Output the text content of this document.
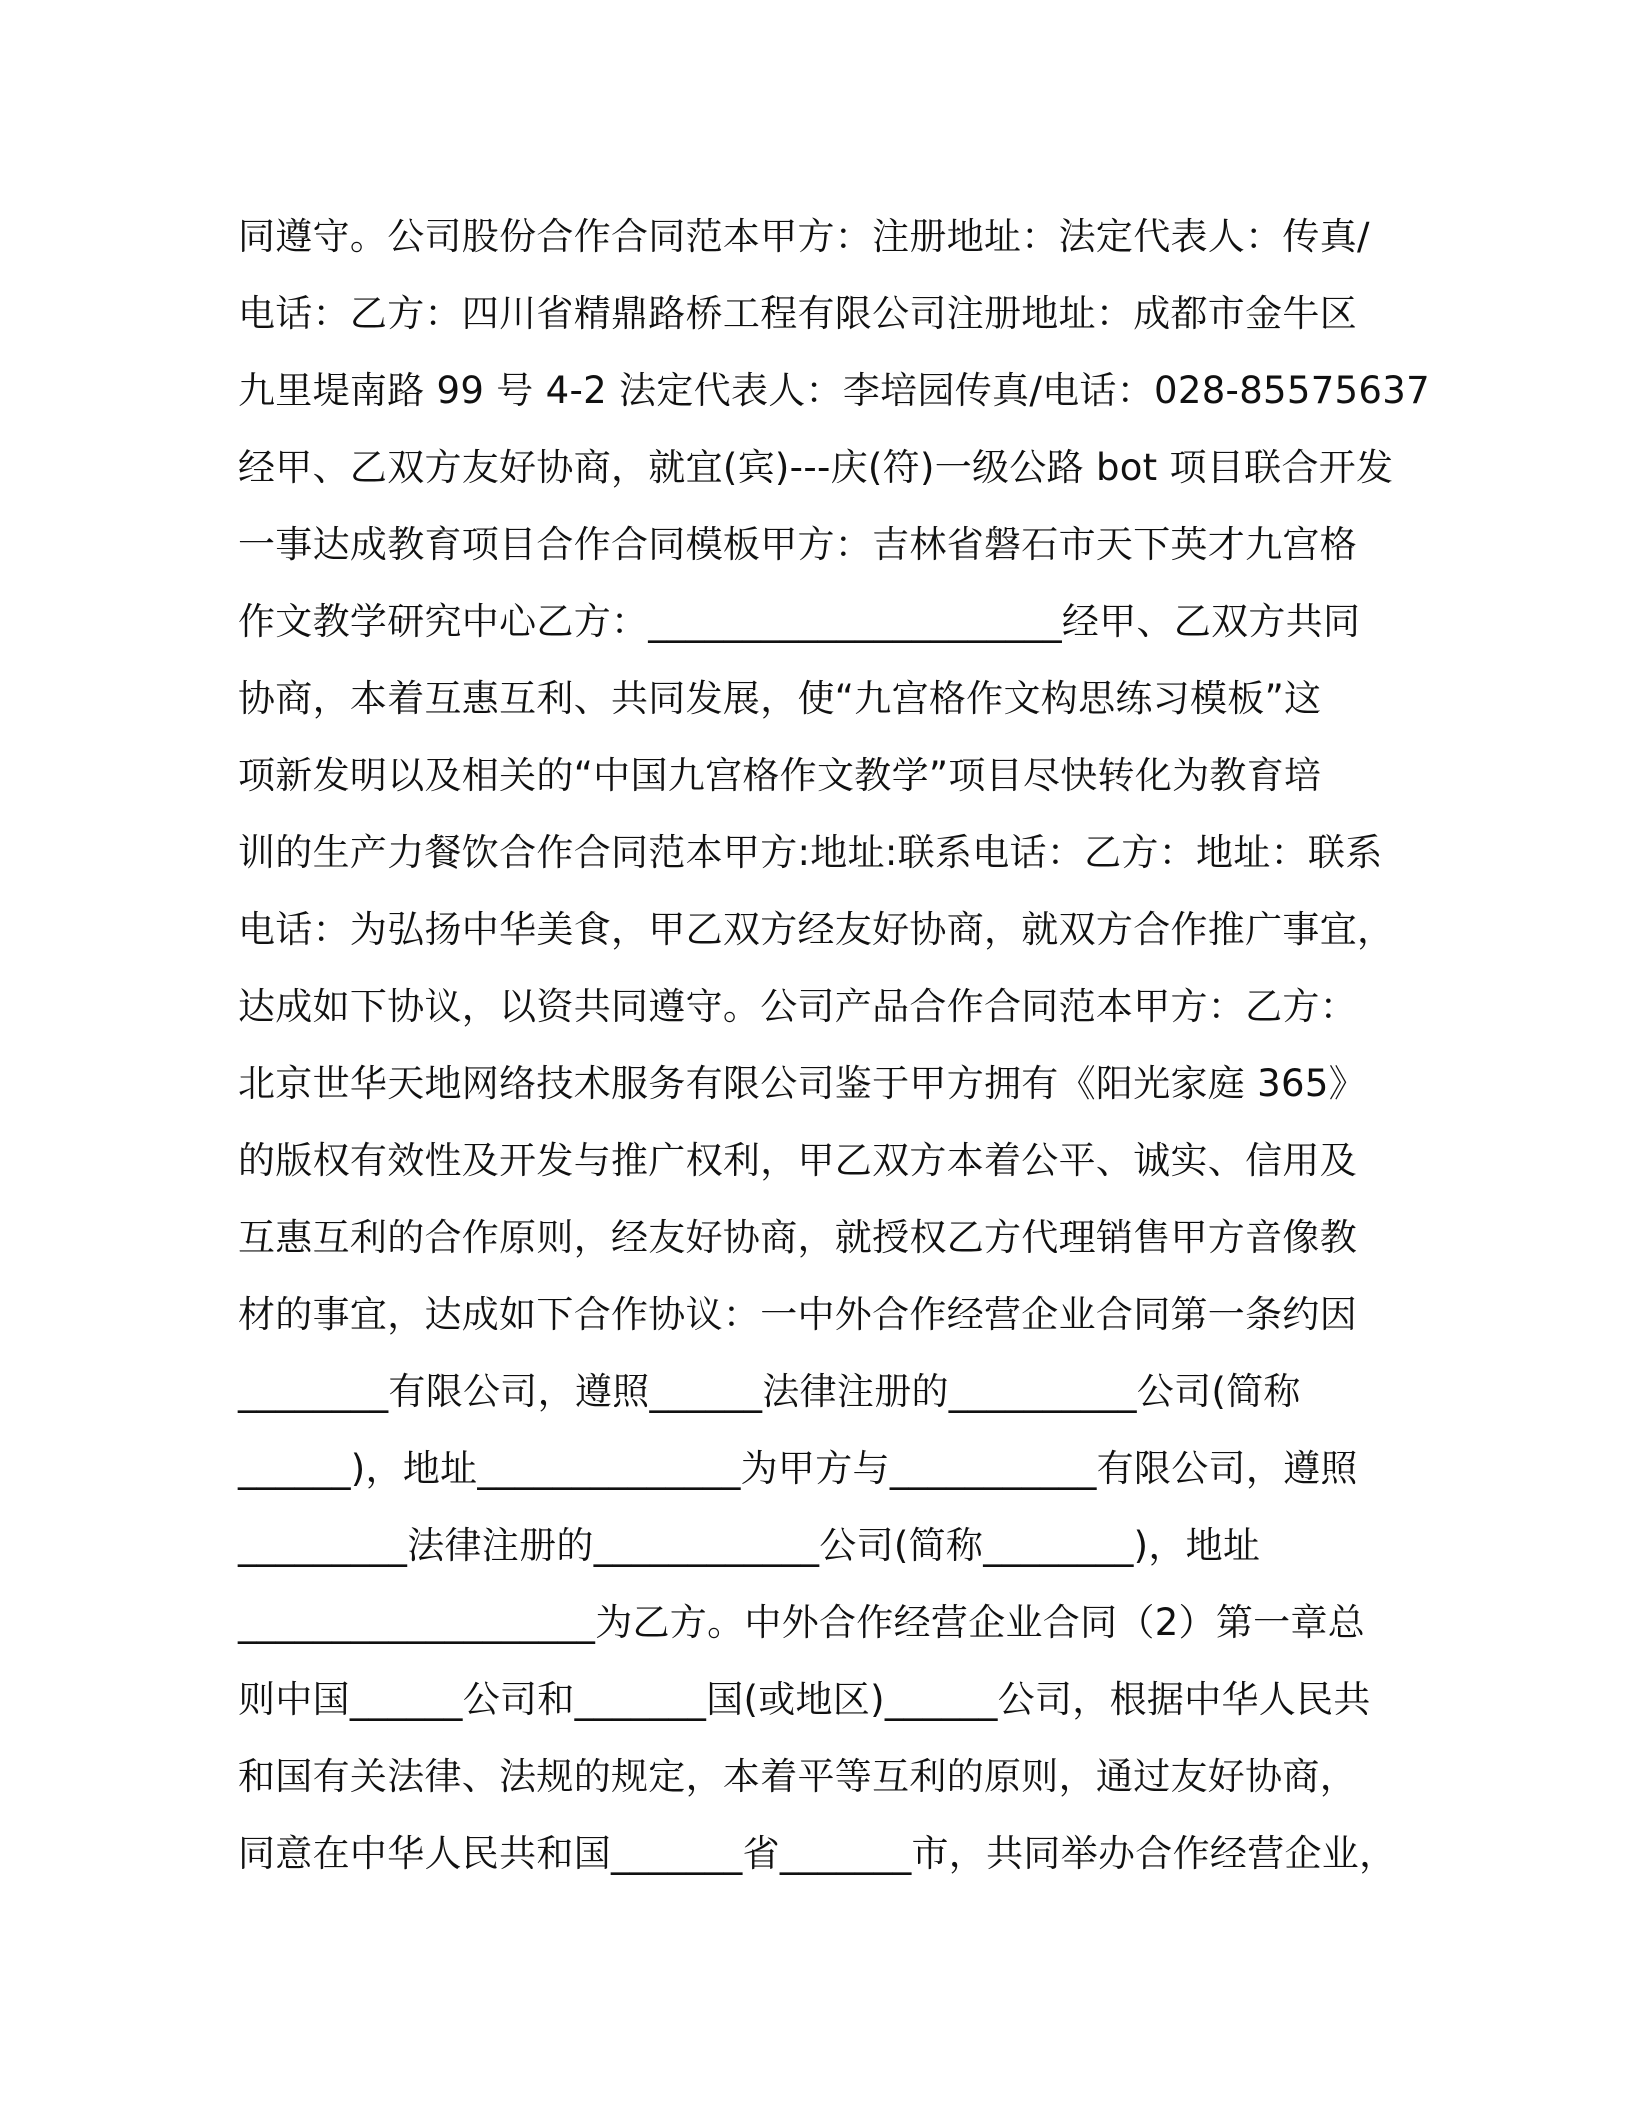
同遵守。公司股份合作合同范本甲方：注册地址：法定代表人：传真/
电话：乙方：四川省精鼎路桥工程有限公司注册地址：成都市金牛区
九里堤南路 99 号 4-2 法定代表人：李培园传真/电话：028-85575637
经甲、乙双方友好协商，就宜(宾)---庆(符)一级公路 bot 项目联合开发
一事达成教育项目合作合同模板甲方：吉林省磐石市天下英才九宫格
作文教学研究中心乙方：______________________经甲、乙双方共同
协商，本着互惠互利、共同发展，使“九宫格作文构思练习模板”这
项新发明以及相关的“中国九宫格作文教学”项目尽快转化为教育培
训的生产力餐饮合作合同范本甲方:地址:联系电话：乙方：地址：联系
电话：为弘扬中华美食，甲乙双方经友好协商，就双方合作推广事宜，
达成如下协议，以资共同遵守。公司产品合作合同范本甲方：乙方：
北京世华天地网络技术服务有限公司鉴于甲方拥有《阳光家庭 365》
的版权有效性及开发与推广权利，甲乙双方本着公平、诚实、信用及
互惠互利的合作原则，经友好协商，就授权乙方代理销售甲方音像教
材的事宜，达成如下合作协议：一中外合作经营企业合同第一条约因
________有限公司，遵照______法律注册的__________公司(简称
______)，地址______________为甲方与___________有限公司，遵照
_________法律注册的____________公司(简称________)，地址
___________________为乙方。中外合作经营企业合同（2）第一章总
则中国______公司和_______国(或地区)______公司，根据中华人民共
和国有关法律、法规的规定，本着平等互利的原则，通过友好协商，
同意在中华人民共和国_______省_______市，共同举办合作经营企业，
